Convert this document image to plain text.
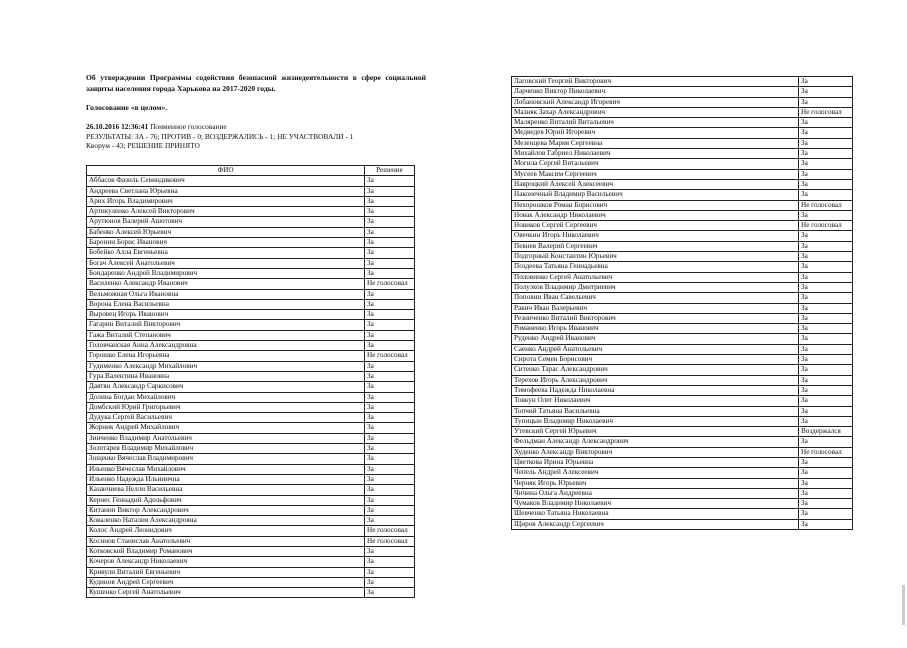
Об утверждении Программы содействия безопасной жизнедеятельности в сфере социальной защиты населения города Харькова на 2017-2020 годы.

Голосование «в целом».
26.10.2016 12:36:41 Поименное голосование
РЕЗУЛЬТАТЫ: ЗА - 76; ПРОТИВ - 0; ВОЗДЕРЖАЛИСЬ - 1; НЕ УЧАСТВОВАЛИ - 1
Кворум - 43; РЕШЕНИЕ ПРИНЯТО
ФИО	Решение
Аббасов Фазиль Севиндикович	За
Андреева Светлана Юрьевна	За
Арих Игорь Владимирович	За
Артикуленко Алексей Викторович	За
Арутюнов Валерий Ашотович	За
Бабенко Алексей Юрьевич	За
Баронин Борис Иванович	За
Бобейко Алла Евгеньевна	За
Богач Алексей Анатольевич	За
Бондаренко Андрей Владимирович	За
Василенко Александр Иванович	Не голосовал
Вельможная Ольга Ивановна	За
Ворона Елена Васильевна	За
Выровец Игорь Иванович	За
Гагарин Виталий Викторович	За
Гажа Виталий Степанович	За
Головчанская Анна Александровна	За
Горошко Елена Игорьевна	Не голосовал
Гудименко Александр Михайлович	За
Гура Валентина Ивановна	За
Давтян Александр Саркисович	За
Долина Богдан Михайлович	За
Домбский Юрий Григорьевич	За
Дудука Сергей Васильевич	За
Жорник Андрей Михайлович	За
Зинченко Владимир Анатольевич	За
Золотарев Владимир Михайлович	За
Зощенко Вячеслав Владимирович	За
Ильенко Вячеслав Михайлович	За
Ильенко Надежда Ильинична	За
Казанчиева Нелли Васильевна	За
Кернес Геннадий Адольфович	За
Китанин Виктор Александрович	За
Коваленко Наталия Александровна	За
Колос Андрей Леонидович	Не голосовал
Косинов Станислав Анатольевич	Не голосовал
Котковский Владимир Романович	За
Кочеров Александр Николаевич	За
Кривули Виталий Евгеньевич	За
Кудинов Андрей Сергеевич	За
Кушенко Сергей Анатольевич	За
Лаговский Георгий Викторович	За
Ларченко Виктор Николаевич	За
Лобановский Александр Игоревич	За
Мазняк Захар Александрович	Не голосовал
Маляренко Виталий Витальевич	За
Медведев Юрий Игоревич	За
Мезенцева Мария Сергеевна	За
Михайлов Габриел Николаевич	За
Могила Сергей Витальевич	За
Мусеев Максим Сергеевич	За
Навроцкий Алексей Алексеевич	За
Наконечный Владимир Васильевич	За
Нехорошков Роман Борисович	Не голосовал
Новак Александр Николаевич	За
Новиков Сергей Сергеевич	Не голосовал
Овечкин Игорь Николаевич	За
Певнев Валерий Сергеевич	За
Подгорный Константин Юрьевич	За
Поздеева Татьяна Геннадьевна	За
Половинко Сергей Анатольевич	За
Полуэхов Владимир Дмитриевич	За
Поповин Иван Савельевич	За
Ракич Иван Валерьевич	За
Резниченко Виталий Викторович	За
Романенко Игорь Иванович	За
Руденко Андрей Иванович	За
Саенко Андрей Анатольевич	За
Сирота Семен Борисович	За
Ситенко Тарас Александрович	За
Терехов Игорь Александрович	За
Тимофеева Надежда Николаевна	За
Товкун Олег Николаевич	За
Топчий Татьяна Васильевна	За
Тупицын Владимир Николаевич	За
Утевский Сергей Юрьевич	Воздержался
Фельдман Александр Александрович	За
Худенко Александр Викторович	Не голосовал
Цветкова Ирина Юрьевна	За
Чепель Андрей Алексеевич	За
Черняк Игорь Юрьевич	За
Чичина Ольга Андреевна	За
Чумаков Владимир Николаевич	За
Шевченко Татьяна Николаевна	За
Щиров Александр Сергеевич	За
